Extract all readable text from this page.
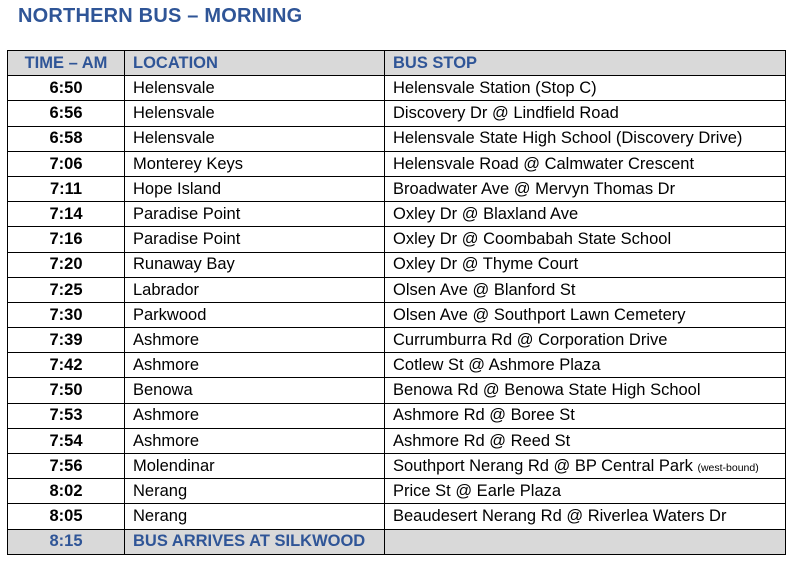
NORTHERN BUS – MORNING
TIME – AM	LOCATION	BUS STOP
6:50	Helensvale	Helensvale Station (Stop C)
6:56	Helensvale	Discovery Dr @ Lindfield Road
6:58	Helensvale	Helensvale State High School (Discovery Drive)
7:06	Monterey Keys	Helensvale Road @ Calmwater Crescent
7:11	Hope Island	Broadwater Ave @ Mervyn Thomas Dr
7:14	Paradise Point	Oxley Dr @ Blaxland Ave
7:16	Paradise Point	Oxley Dr @ Coombabah State School
7:20	Runaway Bay	Oxley Dr @ Thyme Court
7:25	Labrador	Olsen Ave @ Blanford St
7:30	Parkwood	Olsen Ave @ Southport Lawn Cemetery
7:39	Ashmore	Currumburra Rd @ Corporation Drive
7:42	Ashmore	Cotlew St @ Ashmore Plaza
7:50	Benowa	Benowa Rd @ Benowa State High School
7:53	Ashmore	Ashmore Rd @ Boree St
7:54	Ashmore	Ashmore Rd @ Reed St
7:56	Molendinar	Southport Nerang Rd @ BP Central Park (west-bound)
8:02	Nerang	Price St @ Earle Plaza
8:05	Nerang	Beaudesert Nerang Rd @ Riverlea Waters Dr
8:15	BUS ARRIVES AT SILKWOOD	
